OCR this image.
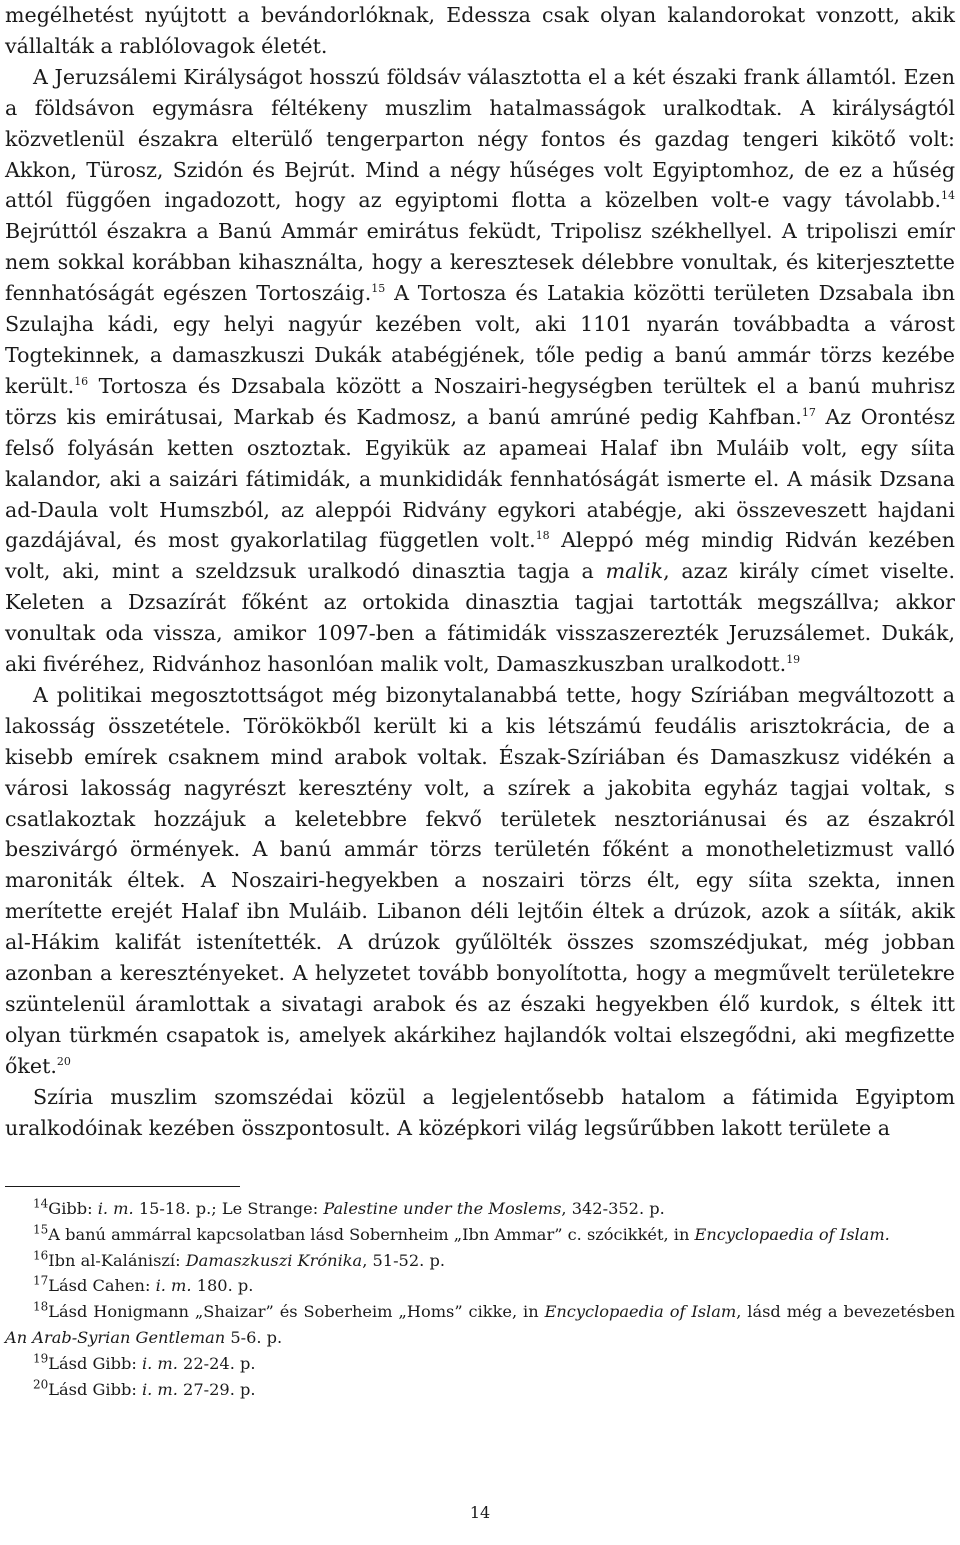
megélhetést nyújtott a bevándorlóknak, Edessza csak olyan kalandorokat vonzott, akik vállalták a rablólovagok életét.

A Jeruzsálemi Királyságot hosszú földsáv választotta el a két északi frank államtól. Ezen a földsávon egymásra féltékeny muszlim hatalmasságok uralkodtak. A királyságtól közvetlenül északra elterülő tengerparton négy fontos és gazdag tengeri kikötő volt: Akkon, Türosz, Szidón és Bejrút. Mind a négy hűséges volt Egyiptomhoz, de ez a hűség attól függően ingadozott, hogy az egyiptomi flotta a közelben volt-e vagy távolabb.$^{14}$ Bejrúttól északra a Banú Ammár emirátus feküdt, Tripolisz székhellyel. A tripoliszi emír nem sokkal korábban kihasználta, hogy a keresztesek délebbre vonultak, és kiterjesztette fennhatóságát egészen Tortoszáig.$^{15}$ A Tortosza és Latakia közötti területen Dzsabala ibn Szulajha kádi, egy helyi nagyúr kezében volt, aki 1101 nyarán továbbadta a várost Togtekinnek, a damaszkuszi Dukák atabégjének, tőle pedig a banú ammár törzs kezébe került.$^{16}$ Tortosza és Dzsabala között a Noszairi-hegységben terültek el a banú muhrisz törzs kis emirátusai, Markab és Kadmosz, a banú amrúné pedig Kahfban.$^{17}$ Az Orontész felső folyásán ketten osztoztak. Egyikük az apameai Halaf ibn Muláib volt, egy síita kalandor, aki a saizári fátimidák, a munkididák fennhatóságát ismerte el. A másik Dzsana ad-Daula volt Humszból, az aleppói Ridvány egykori atabégje, aki összeveszett hajdani gazdájával, és most gyakorlatilag független volt.$^{18}$ Aleppó még mindig Ridván kezében volt, aki, mint a szeldzsuk uralkodó dinasztia tagja a malik, azaz király címet viselte. Keleten a Dzsazírát főként az ortokida dinasztia tagjai tartották megszállva; akkor vonultak oda vissza, amikor 1097-ben a fátimidák visszaszerezték Jeruzsálemet. Dukák, aki fivéréhez, Ridvánhoz hasonlóan malik volt, Damaszkuszban uralkodott.$^{19}$

A politikai megosztottságot még bizonytalanabbá tette, hogy Szíriában megváltozott a lakosság összetétele. Törökökből került ki a kis létszámú feudális arisztokrácia, de a kisebb emírek csaknem mind arabok voltak. Észak-Szíriában és Damaszkusz vidékén a városi lakosság nagyrészt keresztény volt, a szírek a jakobita egyház tagjai voltak, s csatlakoztak hozzájuk a keletebbre fekvő területek nesztoriánusai és az északról beszivárgó örmények. A banú ammár törzs területén főként a monotheletizmust valló maroniták éltek. A Noszairi-hegyekben a noszairi törzs élt, egy síita szekta, innen merítette erejét Halaf ibn Muláib. Libanon déli lejtőin éltek a drúzok, azok a síiták, akik al-Hákim kalifát istenítették. A drúzok gyűlölték összes szomszédjukat, még jobban azonban a keresztényeket. A helyzetet tovább bonyolította, hogy a megművelt területekre szüntelenül áramlottak a sivatagi arabok és az északi hegyekben élő kurdok, s éltek itt olyan türkmén csapatok is, amelyek akárkihez hajlandók voltai elszegődni, aki megfizette őket.$^{20}$

Szíria muszlim szomszédai közül a legjelentősebb hatalom a fátimida Egyiptom uralkodóinak kezében összpontosult. A középkori világ legsűrűbben lakott területe a

$^{14}$Gibb: i. m. 15-18. p.; Le Strange: Palestine under the Moslems, 342-352. p.

$^{15}$A banú ammárral kapcsolatban lásd Sobernheim „Ibn Ammar” c. szócikkét, in Encyclopaedia of Islam.

$^{16}$Ibn al-Kalániszí: Damaszkuszi Krónika, 51-52. p.

$^{17}$Lásd Cahen: i. m. 180. p.

$^{18}$Lásd Honigmann „Shaizar” és Soberheim „Homs” cikke, in Encyclopaedia of Islam, lásd még a bevezetésben An Arab-Syrian Gentleman 5-6. p.

$^{19}$Lásd Gibb: i. m. 22-24. p.

$^{20}$Lásd Gibb: i. m. 27-29. p.

14
